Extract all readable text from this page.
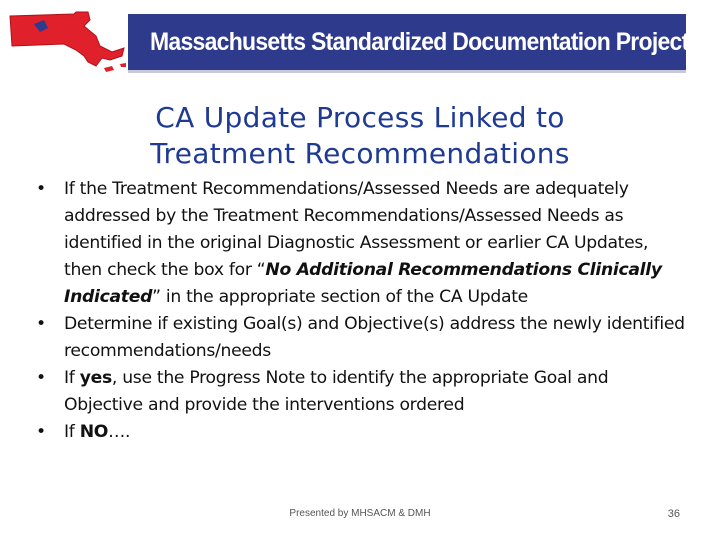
Massachusetts Standardized Documentation Project
CA Update Process Linked to
Treatment Recommendations
•	If the Treatment Recommendations/Assessed Needs are adequately addressed by the Treatment Recommendations/Assessed Needs as identified in the original Diagnostic Assessment or earlier CA Updates, then check the box for “No Additional Recommendations Clinically Indicated” in the appropriate section of the CA Update
•	Determine if existing Goal(s) and Objective(s) address the newly identified recommendations/needs
•	If yes, use the Progress Note to identify the appropriate Goal and Objective and provide the interventions ordered
•	If NO….
Presented by MHSACM & DMH	36
